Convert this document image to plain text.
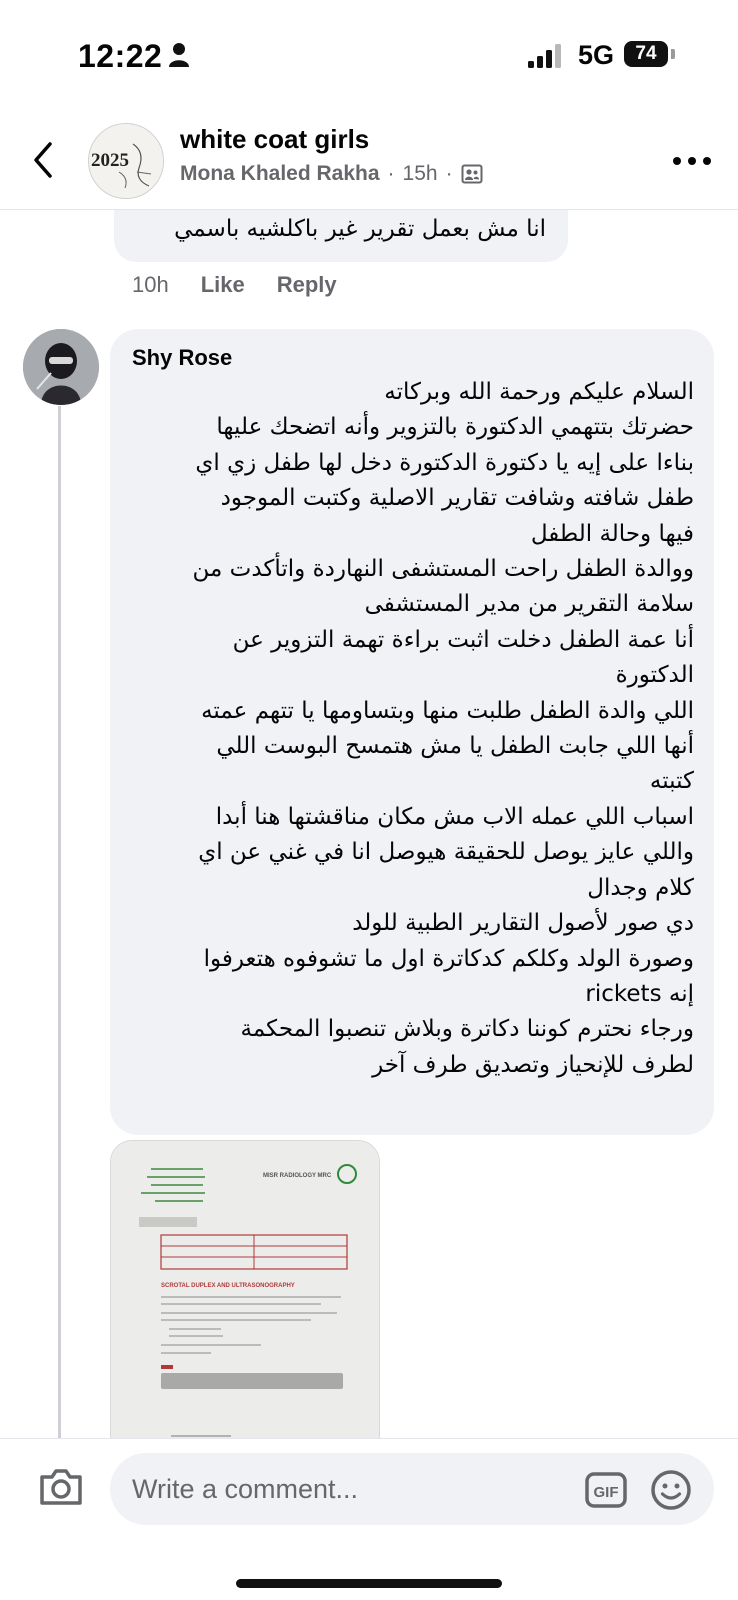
12:22	5G	74
2025
white coat girls
Mona Khaled Rakha · 15h ·
انا مش بعمل تقرير غير باكلشيه باسمي
10h Like Reply
Shy Rose
السلام عليكم ورحمة الله وبركاته
حضرتك بتتهمي الدكتورة بالتزوير وأنه اتضحك عليها
بناءا على إيه يا دكتورة الدكتورة دخل لها طفل زي اي
طفل شافته وشافت تقارير الاصلية وكتبت الموجود
فيها وحالة الطفل
ووالدة الطفل راحت المستشفى النهاردة واتأكدت من
سلامة التقرير من مدير المستشفى
أنا عمة الطفل دخلت اثبت براءة تهمة التزوير عن
الدكتورة
اللي والدة الطفل طلبت منها وبتساومها يا تتهم عمته
أنها اللي جابت الطفل يا مش هتمسح البوست اللي
كتبته
اسباب اللي عمله الاب مش مكان مناقشتها هنا أبدا
واللي عايز يوصل للحقيقة هيوصل انا في غني عن اي
كلام وجدال
دي صور لأصول التقارير الطبية للولد
وصورة الولد وكلكم كدكاترة اول ما تشوفوه هتعرفوا
إنه rickets
ورجاء نحترم كوننا دكاترة وبلاش تنصبوا المحكمة
لطرف للإنحياز وتصديق طرف آخر
MISR RADIOLOGY MRC
SCROTAL DUPLEX AND ULTRASONOGRAPHY
Write a comment...
GIF
